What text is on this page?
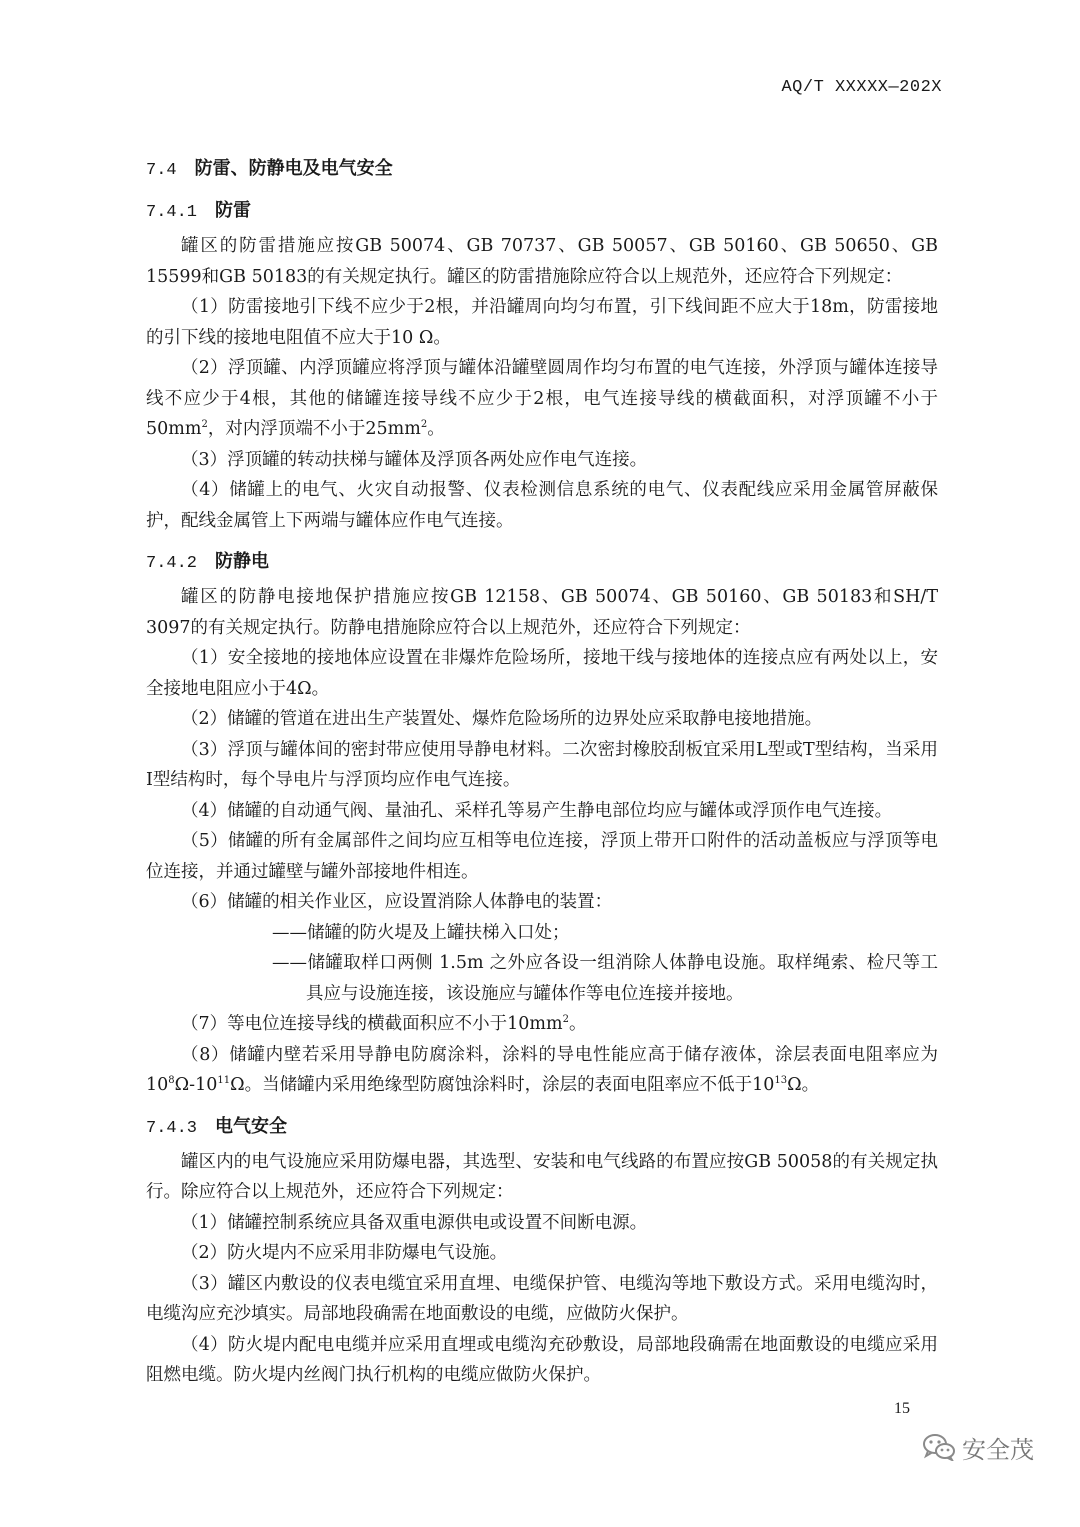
AQ/T XXXXX—202X
7.4 防雷、防静电及电气安全
7.4.1 防雷

罐区的防雷措施应按GB 50074、GB 70737、GB 50057、GB 50160、GB 50650、GB 15599和GB 50183的有关规定执行。罐区的防雷措施除应符合以上规范外，还应符合下列规定：

（1）防雷接地引下线不应少于2根，并沿罐周向均匀布置，引下线间距不应大于18m，防雷接地的引下线的接地电阻值不应大于10 Ω。

（2）浮顶罐、内浮顶罐应将浮顶与罐体沿罐壁圆周作均匀布置的电气连接，外浮顶与罐体连接导线不应少于4根，其他的储罐连接导线不应少于2根，电气连接导线的横截面积，对浮顶罐不小于$50mm^2$，对内浮顶端不小于$25mm^2$。

（3）浮顶罐的转动扶梯与罐体及浮顶各两处应作电气连接。

（4）储罐上的电气、火灾自动报警、仪表检测信息系统的电气、仪表配线应采用金属管屏蔽保护，配线金属管上下两端与罐体应作电气连接。

7.4.2 防静电

罐区的防静电接地保护措施应按GB 12158、GB 50074、GB 50160、GB 50183和SH/T 3097的有关规定执行。防静电措施除应符合以上规范外，还应符合下列规定：

（1）安全接地的接地体应设置在非爆炸危险场所，接地干线与接地体的连接点应有两处以上，安全接地电阻应小于4Ω。

（2）储罐的管道在进出生产装置处、爆炸危险场所的边界处应采取静电接地措施。

（3）浮顶与罐体间的密封带应使用导静电材料。二次密封橡胶刮板宜采用L型或T型结构，当采用I型结构时，每个导电片与浮顶均应作电气连接。

（4）储罐的自动通气阀、量油孔、采样孔等易产生静电部位均应与罐体或浮顶作电气连接。

（5）储罐的所有金属部件之间均应互相等电位连接，浮顶上带开口附件的活动盖板应与浮顶等电位连接，并通过罐壁与罐外部接地件相连。

（6）储罐的相关作业区，应设置消除人体静电的装置：

——储罐的防火堤及上罐扶梯入口处；

——储罐取样口两侧 1.5m 之外应各设一组消除人体静电设施。取样绳索、检尺等工具应与设施连接，该设施应与罐体作等电位连接并接地。

（7）等电位连接导线的横截面积应不小于$10mm^2$。

（8）储罐内壁若采用导静电防腐涂料，涂料的导电性能应高于储存液体，涂层表面电阻率应为$10^8\Omega-10^{11}\Omega$。当储罐内采用绝缘型防腐蚀涂料时，涂层的表面电阻率应不低于$10^{13}\Omega$。

7.4.3 电气安全

罐区内的电气设施应采用防爆电器，其选型、安装和电气线路的布置应按GB 50058的有关规定执行。除应符合以上规范外，还应符合下列规定：

（1）储罐控制系统应具备双重电源供电或设置不间断电源。

（2）防火堤内不应采用非防爆电气设施。

（3）罐区内敷设的仪表电缆宜采用直埋、电缆保护管、电缆沟等地下敷设方式。采用电缆沟时，电缆沟应充沙填实。局部地段确需在地面敷设的电缆，应做防火保护。

（4）防火堤内配电电缆并应采用直埋或电缆沟充砂敷设，局部地段确需在地面敷设的电缆应采用阻燃电缆。防火堤内丝阀门执行机构的电缆应做防火保护。

15
安全茂
